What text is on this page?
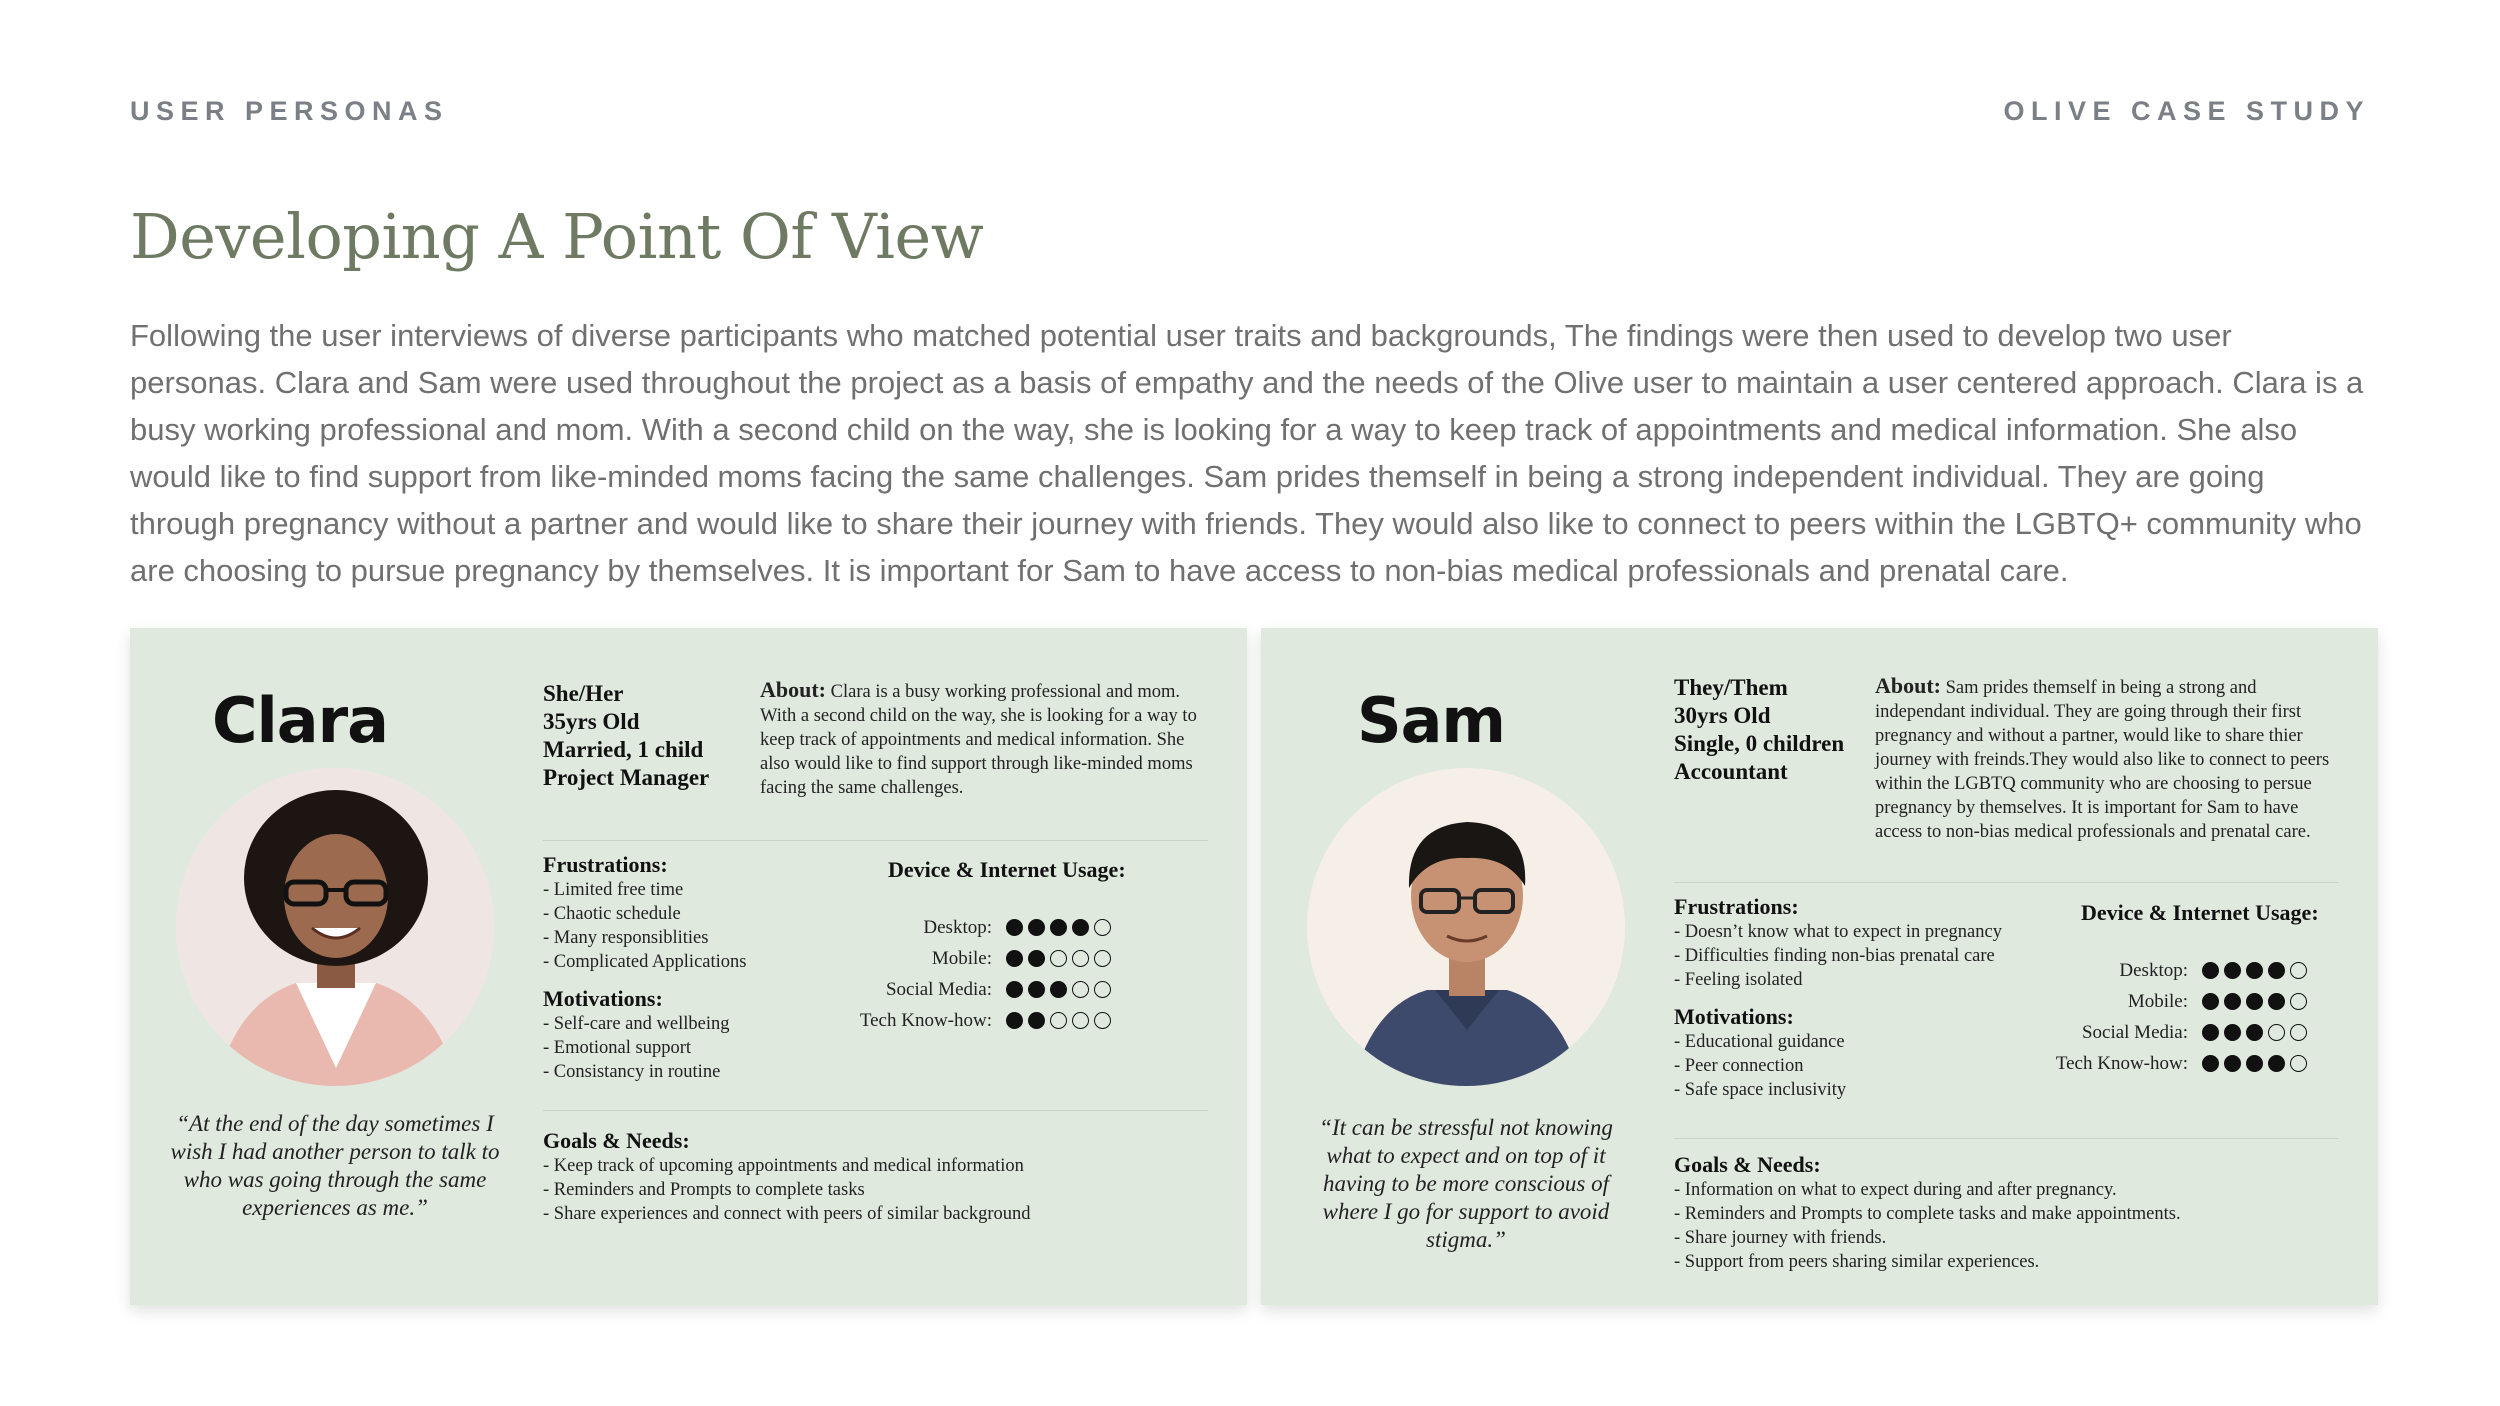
USER PERSONAS	OLIVE CASE STUDY
Developing A Point Of View
Following the user interviews of diverse participants who matched potential user traits and backgrounds, The findings were then used to develop two user personas. Clara and Sam were used throughout the project as a basis of empathy and the needs of the Olive user to maintain a user centered approach. Clara is a busy working professional and mom. With a second child on the way, she is looking for a way to keep track of appointments and medical information. She also would like to find support from like-minded moms facing the same challenges. Sam prides themself in being a strong independent individual. They are going through pregnancy without a partner and would like to share their journey with friends. They would also like to connect to peers within the LGBTQ+ community who are choosing to pursue pregnancy by themselves. It is important for Sam to have access to non-bias medical professionals and prenatal care.
Clara
“At the end of the day sometimes I wish I had another person to talk to who was going through the same experiences as me.”
She/Her
35yrs Old
Married, 1 child
Project Manager
About: Clara is a busy working professional and mom. With a second child on the way, she is looking for a way to keep track of appointments and medical information. She also would like to find support through like-minded moms facing the same challenges.
Frustrations:
- Limited free time
- Chaotic schedule
- Many responsiblities
- Complicated Applications
Motivations:
- Self-care and wellbeing
- Emotional support
- Consistancy in routine
Device & Internet Usage:
Desktop:
Mobile:
Social Media:
Tech Know-how:
Goals & Needs:
- Keep track of upcoming appointments and medical information
- Reminders and Prompts to complete tasks
- Share experiences and connect with peers of similar background
Sam
“It can be stressful not knowing what to expect and on top of it having to be more conscious of where I go for support to avoid stigma.”
They/Them
30yrs Old
Single, 0 children
Accountant
About: Sam prides themself in being a strong and independant individual. They are going through their first pregnancy and without a partner, would like to share thier journey with freinds.They would also like to connect to peers within the LGBTQ community who are choosing to persue pregnancy by themselves. It is important for Sam to have access to non-bias medical professionals and prenatal care.
Frustrations:
- Doesn’t know what to expect in pregnancy
- Difficulties finding non-bias prenatal care
- Feeling isolated
Motivations:
- Educational guidance
- Peer connection
- Safe space inclusivity
Device & Internet Usage:
Desktop:
Mobile:
Social Media:
Tech Know-how:
Goals & Needs:
- Information on what to expect during and after pregnancy.
- Reminders and Prompts to complete tasks and make appointments.
- Share journey with friends.
- Support from peers sharing similar experiences.
